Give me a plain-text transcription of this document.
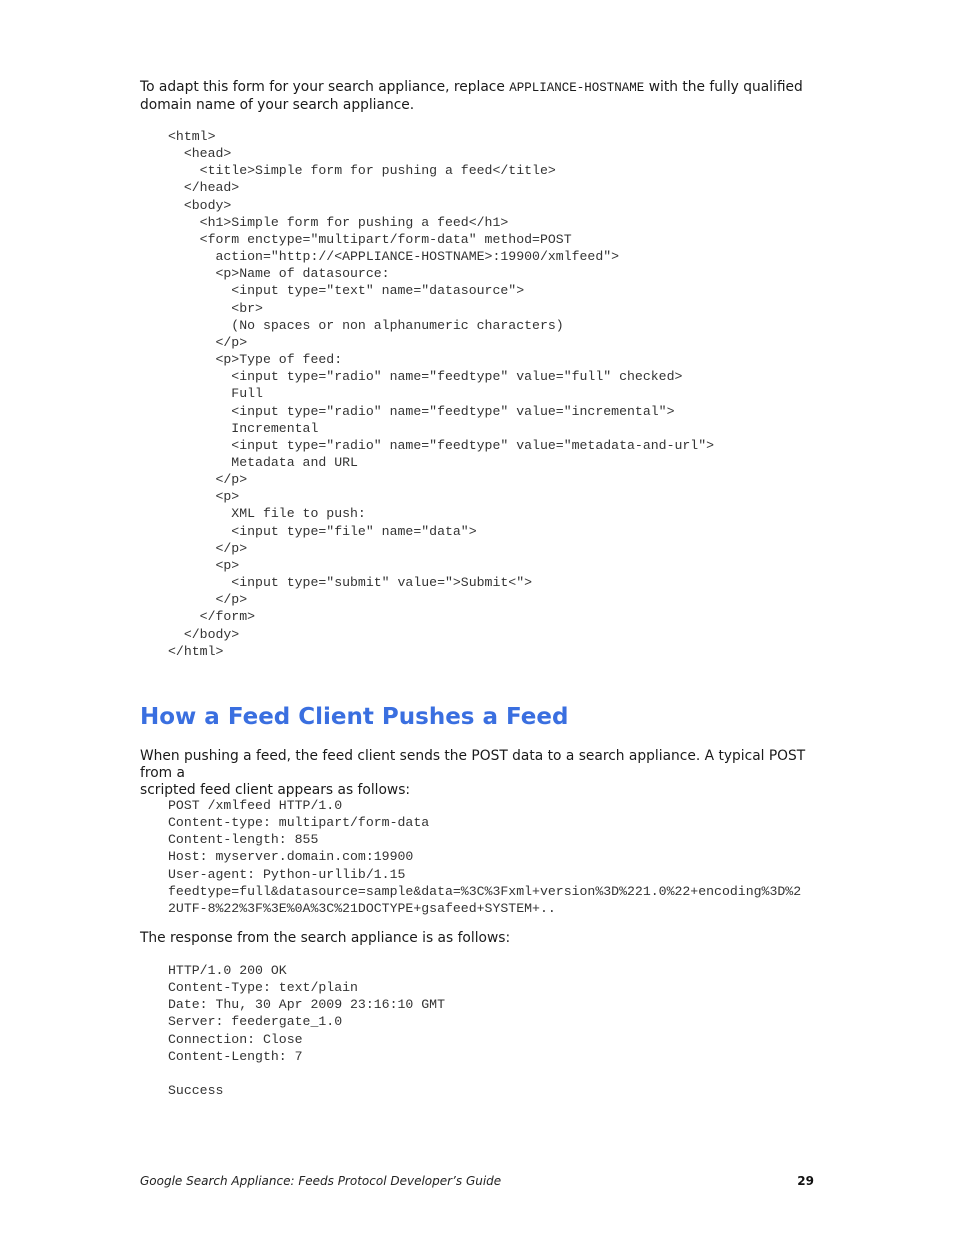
To adapt this form for your search appliance, replace APPLIANCE-HOSTNAME with the fully qualified
domain name of your search appliance.

<html>
<head>
<title>Simple form for pushing a feed</title>
</head>
<body>
<h1>Simple form for pushing a feed</h1>
<form enctype="multipart/form-data" method=POST
action="http://<APPLIANCE-HOSTNAME>:19900/xmlfeed">
<p>Name of datasource:
<input type="text" name="datasource">
<br>
(No spaces or non alphanumeric characters)
</p>
<p>Type of feed:
<input type="radio" name="feedtype" value="full" checked>
Full
<input type="radio" name="feedtype" value="incremental">
Incremental
<input type="radio" name="feedtype" value="metadata-and-url">
Metadata and URL
</p>
<p>
XML file to push:
<input type="file" name="data">
</p>
<p>
<input type="submit" value=">Submit<">
</p>
</form>
</body>
</html>
How a Feed Client Pushes a Feed

When pushing a feed, the feed client sends the POST data to a search appliance. A typical POST from a
scripted feed client appears as follows:

POST /xmlfeed HTTP/1.0
Content-type: multipart/form-data
Content-length: 855
Host: myserver.domain.com:19900
User-agent: Python-urllib/1.15
feedtype=full&datasource=sample&data=%3C%3Fxml+version%3D%221.0%22+encoding%3D%2
2UTF-8%22%3F%3E%0A%3C%21DOCTYPE+gsafeed+SYSTEM+..

The response from the search appliance is as follows:

HTTP/1.0 200 OK
Content-Type: text/plain
Date: Thu, 30 Apr 2009 23:16:10 GMT
Server: feedergate_1.0
Connection: Close
Content-Length: 7
Success
Google Search Appliance: Feeds Protocol Developer’s Guide	29
